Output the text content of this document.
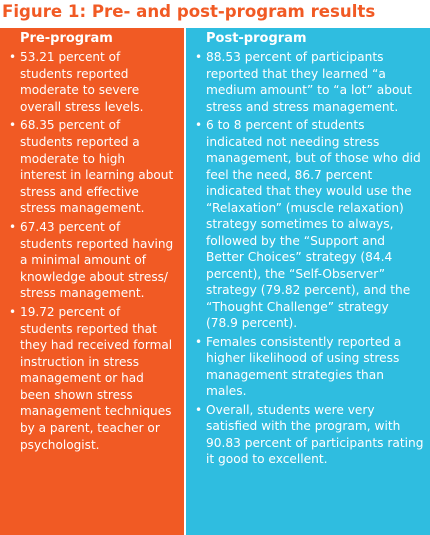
Figure 1: Pre- and post-program results
Pre-program
• 53.21 percent of students reported moderate to severe overall stress levels.
• 68.35 percent of students reported a moderate to high interest in learning about stress and effective stress management.
• 67.43 percent of students reported having a minimal amount of knowledge about stress/ stress management.
• 19.72 percent of students reported that they had received formal instruction in stress management or had been shown stress management techniques by a parent, teacher or psychologist.
Post-program
• 88.53 percent of participants reported that they learned “a medium amount” to “a lot” about stress and stress management.
• 6 to 8 percent of students indicated not needing stress management, but of those who did feel the need, 86.7 percent indicated that they would use the “Relaxation” (muscle relaxation) strategy sometimes to always, followed by the “Support and Better Choices” strategy (84.4 percent), the “Self-Observer” strategy (79.82 percent), and the “Thought Challenge” strategy (78.9 percent).
• Females consistently reported a higher likelihood of using stress management strategies than males.
• Overall, students were very satisfied with the program, with 90.83 percent of participants rating it good to excellent.
